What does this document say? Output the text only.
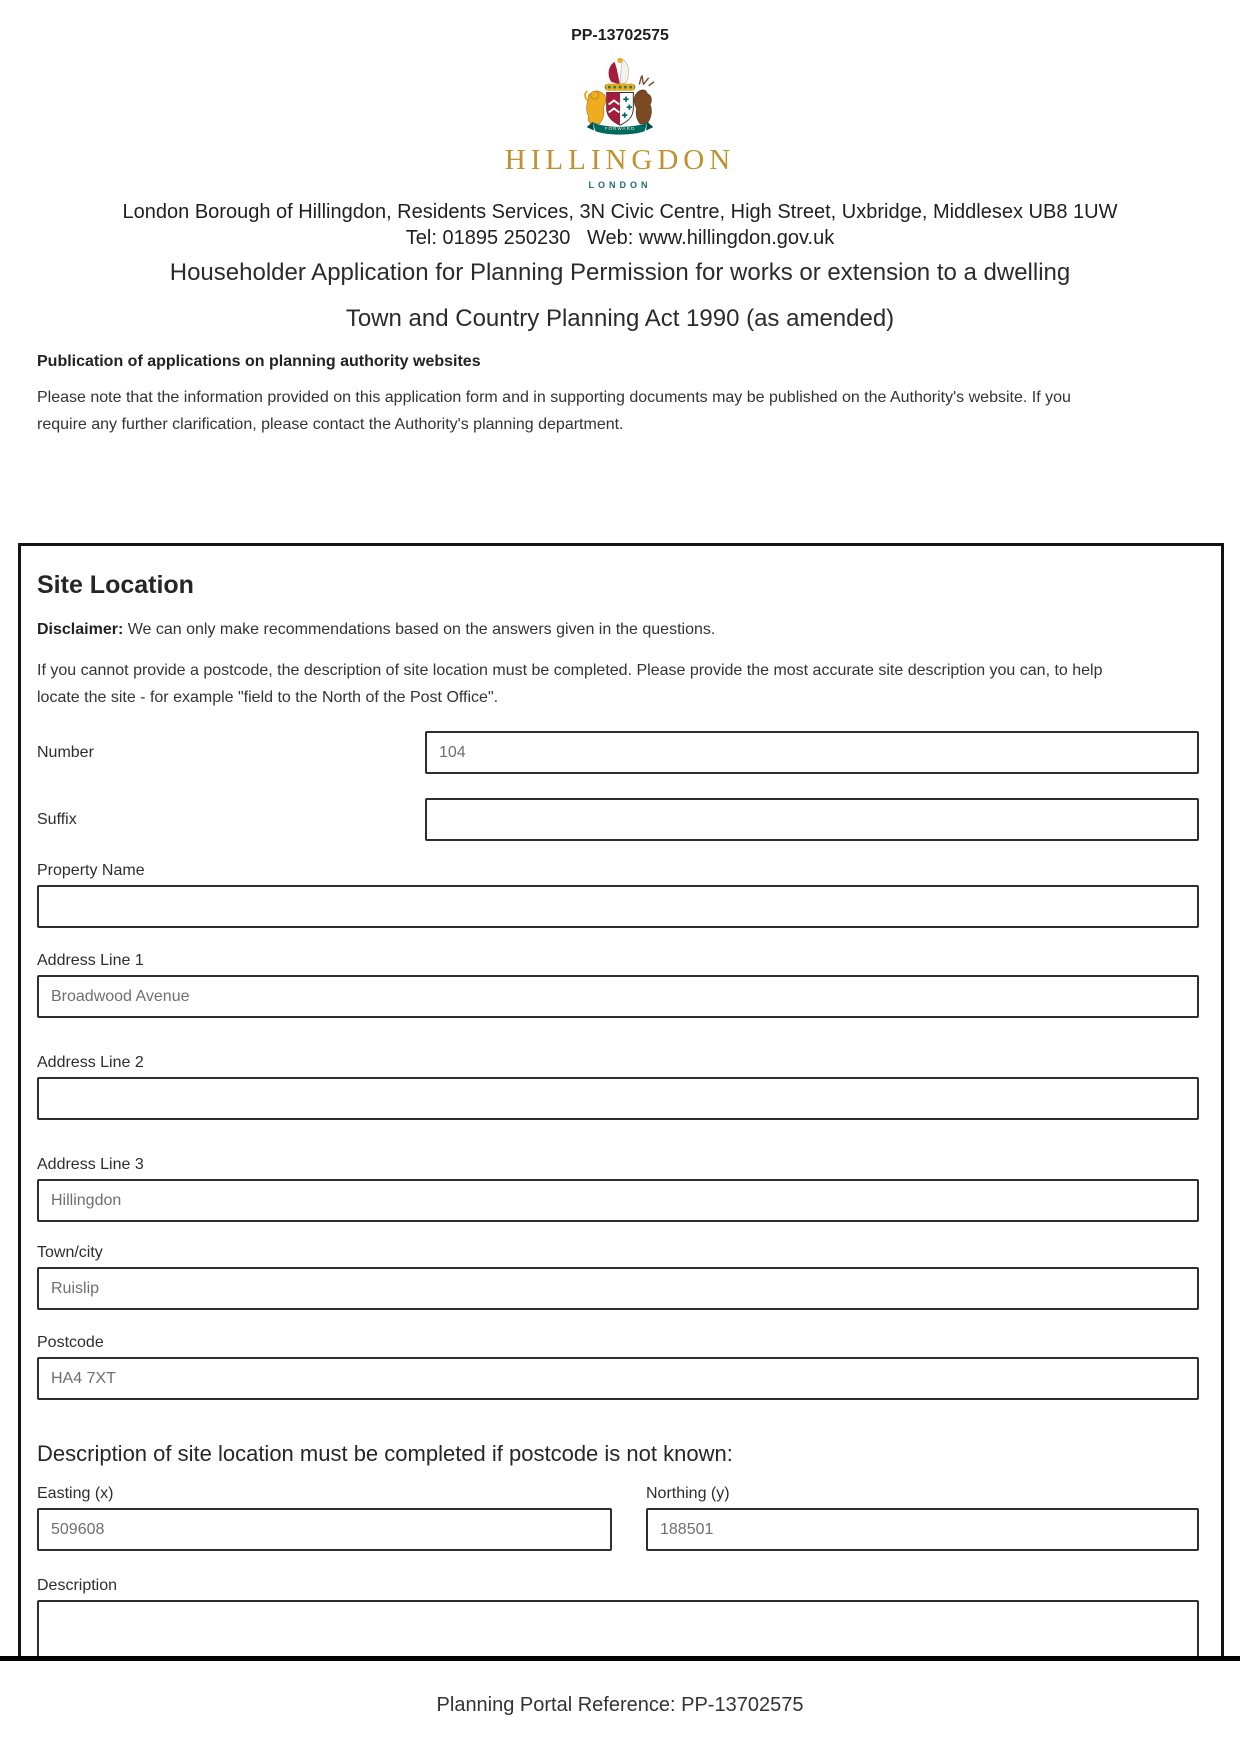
PP-13702575
FORWARD
HILLINGDON
LONDON
London Borough of Hillingdon, Residents Services, 3N Civic Centre, High Street, Uxbridge, Middlesex UB8 1UW
Tel: 01895 250230   Web: www.hillingdon.gov.uk
Householder Application for Planning Permission for works or extension to a dwelling
Town and Country Planning Act 1990 (as amended)
Publication of applications on planning authority websites
Please note that the information provided on this application form and in supporting documents may be published on the Authority's website. If you require any further clarification, please contact the Authority's planning department.
Site Location

Disclaimer: We can only make recommendations based on the answers given in the questions.

If you cannot provide a postcode, the description of site location must be completed. Please provide the most accurate site description you can, to help locate the site - for example "field to the North of the Post Office".

Number
104
Suffix
Property Name
Address Line 1
Broadwood Avenue
Address Line 2
Address Line 3
Hillingdon
Town/city
Ruislip
Postcode
HA4 7XT
Description of site location must be completed if postcode is not known:
Easting (x)
509608	Northing (y)
188501
Description
Planning Portal Reference: PP-13702575
